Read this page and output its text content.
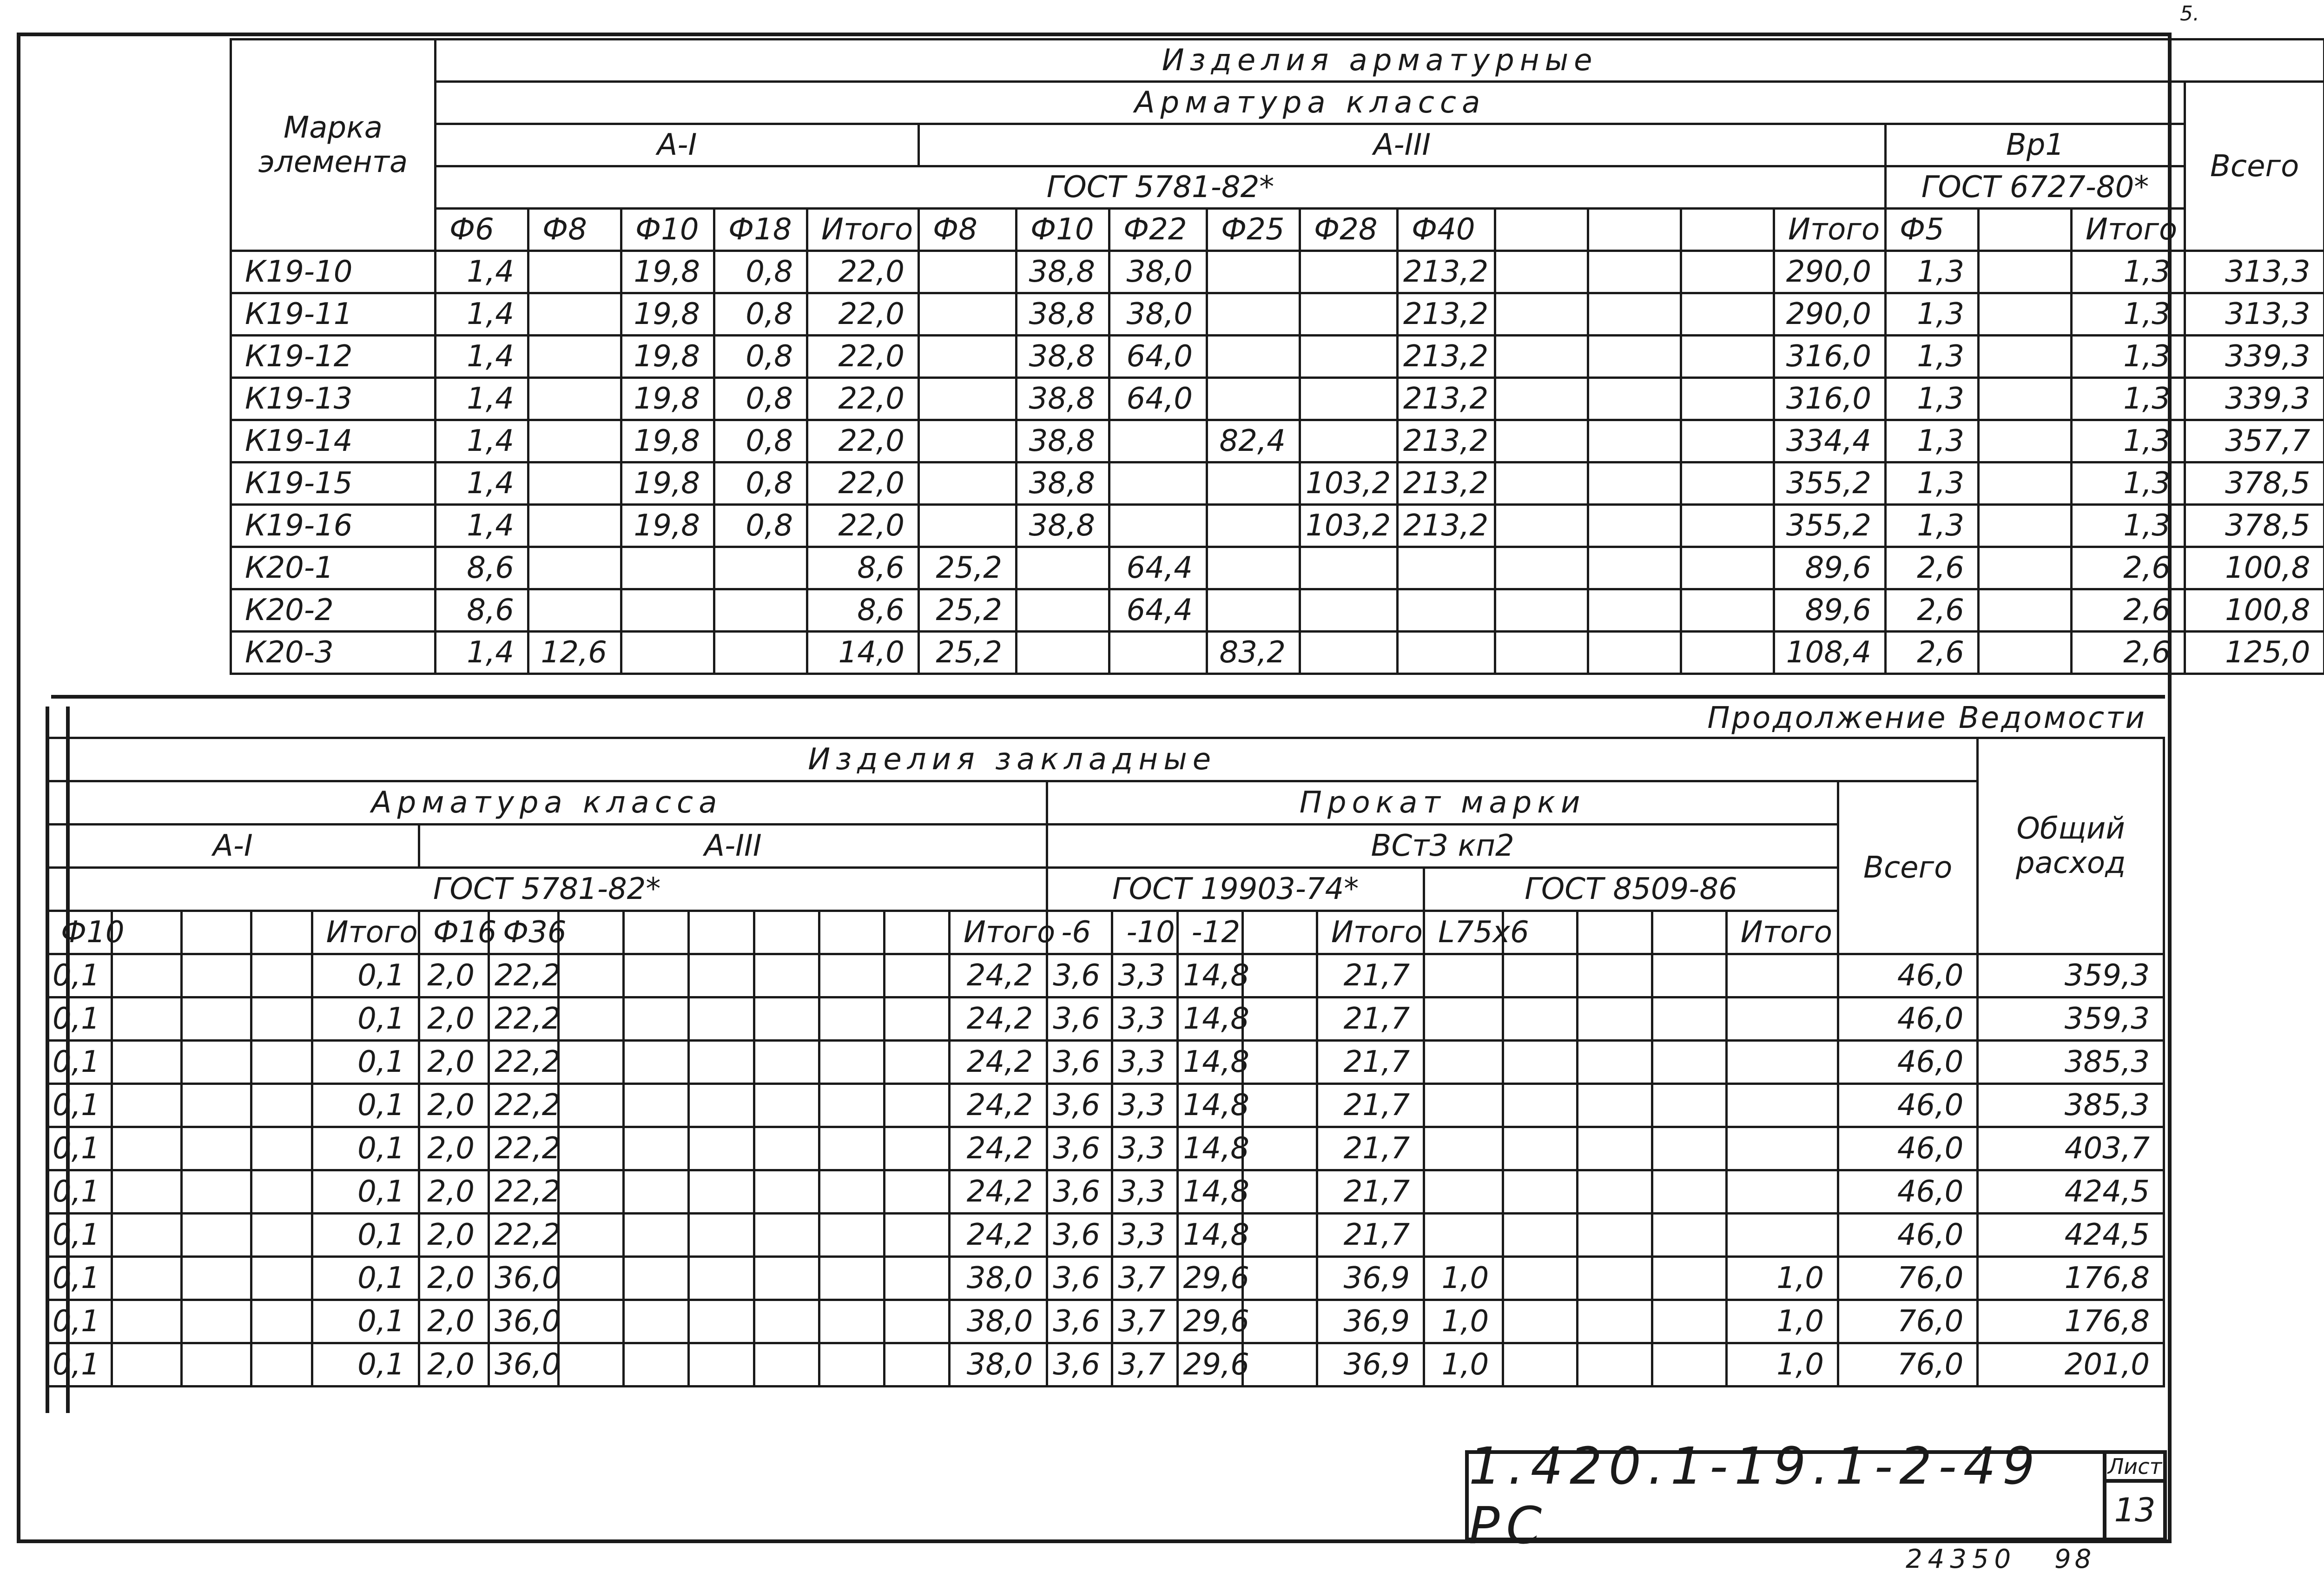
5.
Марка элемента	Изделия арматурные																		
	Арматура класса																		Всего
	А-I					А-III										Вр1			
	ГОСТ 5781-82*															ГОСТ 6727-80*			
	Ф6	Ф8	Ф10	Ф18	Итого	Ф8	Ф10	Ф22	Ф25	Ф28	Ф40				Итого	Ф5		Итого	
К19-10	1,4		19,8	0,8	22,0		38,8	38,0			213,2				290,0	1,3		1,3	313,3
К19-11	1,4		19,8	0,8	22,0		38,8	38,0			213,2				290,0	1,3		1,3	313,3
К19-12	1,4		19,8	0,8	22,0		38,8	64,0			213,2				316,0	1,3		1,3	339,3
К19-13	1,4		19,8	0,8	22,0		38,8	64,0			213,2				316,0	1,3		1,3	339,3
К19-14	1,4		19,8	0,8	22,0		38,8		82,4		213,2				334,4	1,3		1,3	357,7
К19-15	1,4		19,8	0,8	22,0		38,8			103,2	213,2				355,2	1,3		1,3	378,5
К19-16	1,4		19,8	0,8	22,0		38,8			103,2	213,2				355,2	1,3		1,3	378,5
К20-1	8,6				8,6	25,2		64,4							89,6	2,6		2,6	100,8
К20-2	8,6				8,6	25,2		64,4							89,6	2,6		2,6	100,8
К20-3	1,4	12,6			14,0	25,2			83,2						108,4	2,6		2,6	125,0
Продолжение Ведомости
Изделия закладные																									Общий расход
Арматура класса														Прокат марки										Всего	
А-I					А-III									ВСт3 кп2											
ГОСТ 5781-82*														ГОСТ 19903-74*					ГОСТ 8509-86						
Ф10				Итого	Ф16	Ф36							Итого	-6	-10	-12		Итого	L75x6				Итого		
0,1				0,1	2,0	22,2							24,2	3,6	3,3	14,8		21,7						46,0	359,3
0,1				0,1	2,0	22,2							24,2	3,6	3,3	14,8		21,7						46,0	359,3
0,1				0,1	2,0	22,2							24,2	3,6	3,3	14,8		21,7						46,0	385,3
0,1				0,1	2,0	22,2							24,2	3,6	3,3	14,8		21,7						46,0	385,3
0,1				0,1	2,0	22,2							24,2	3,6	3,3	14,8		21,7						46,0	403,7
0,1				0,1	2,0	22,2							24,2	3,6	3,3	14,8		21,7						46,0	424,5
0,1				0,1	2,0	22,2							24,2	3,6	3,3	14,8		21,7						46,0	424,5
0,1				0,1	2,0	36,0							38,0	3,6	3,7	29,6		36,9	1,0				1,0	76,0	176,8
0,1				0,1	2,0	36,0							38,0	3,6	3,7	29,6		36,9	1,0				1,0	76,0	176,8
0,1				0,1	2,0	36,0							38,0	3,6	3,7	29,6		36,9	1,0				1,0	76,0	201,0
1.420.1-19.1-2-49 РС
Лист
13
24350 98
